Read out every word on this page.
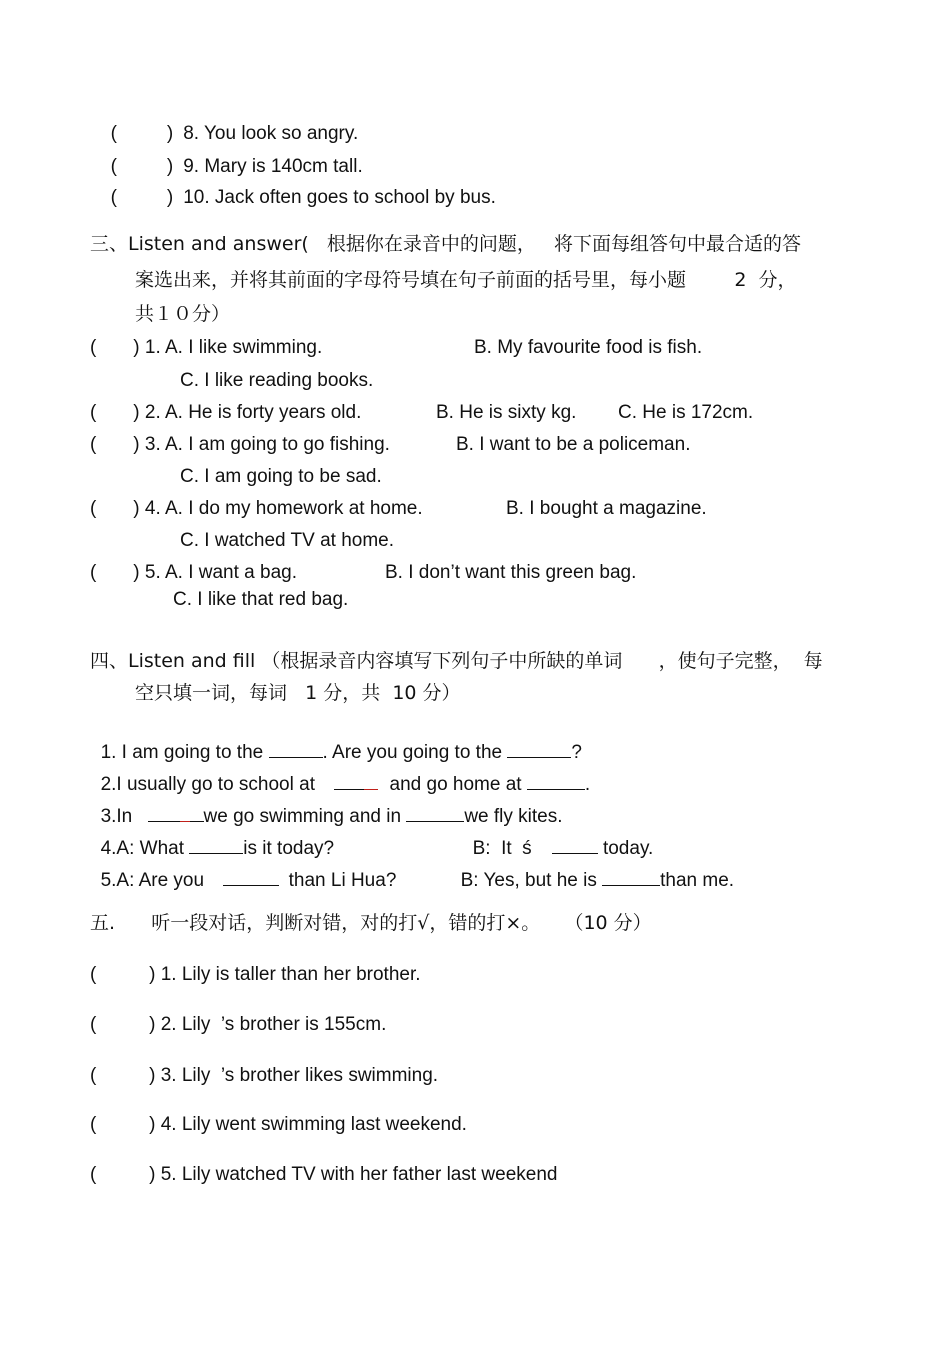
(	) 8. You look so angry.

(	) 9. Mary is 140cm tall.

(	) 10. Jack often goes to school by bus.

三、Listen and answer(   根据你在录音中的问题，   将下面每组答句中最合适的答
案选出来，并将其前面的字母符号填在句子前面的括号里，每小题        2  分，
共１０分）
(       ) 1. A. I like swimming.	B. My favourite food is fish.
C. I like reading books.
(       ) 2. A. He is forty years old.	B. He is sixty kg. C. He is 172cm.
(       ) 3. A. I am going to go fishing.	B. I want to be a policeman.
C. I am going to be sad.
(       ) 4. A. I do my homework at home.	B. I bought a magazine.
C. I watched TV at home.
(       ) 5. A. I want a bag.	B. I don’t want this green bag.
C. I like that red bag.
四、Listen and fill （根据录音内容填写下列句子中所缺的单词      ，使句子完整，  每
空只填一词，每词   1 分，共  10 分）

1. I am going to the	. Are you going to the	?

2.I usually go to school at	and go home at	.

3.In	we go swimming and in	we fly kites.

4.A: What	is it today?	B:  It  ś	today.

5.A: Are you	than Li Hua?	B: Yes, but he is	than me.

五.      听一段对话，判断对错，对的打√，错的打×。    （10 分）
(          ) 1. Lily is taller than her brother.
(          ) 2. Lily  ’s brother is 155cm.
(          ) 3. Lily  ’s brother likes swimming.
(          ) 4. Lily went swimming last weekend.
(          ) 5. Lily watched TV with her father last weekend
